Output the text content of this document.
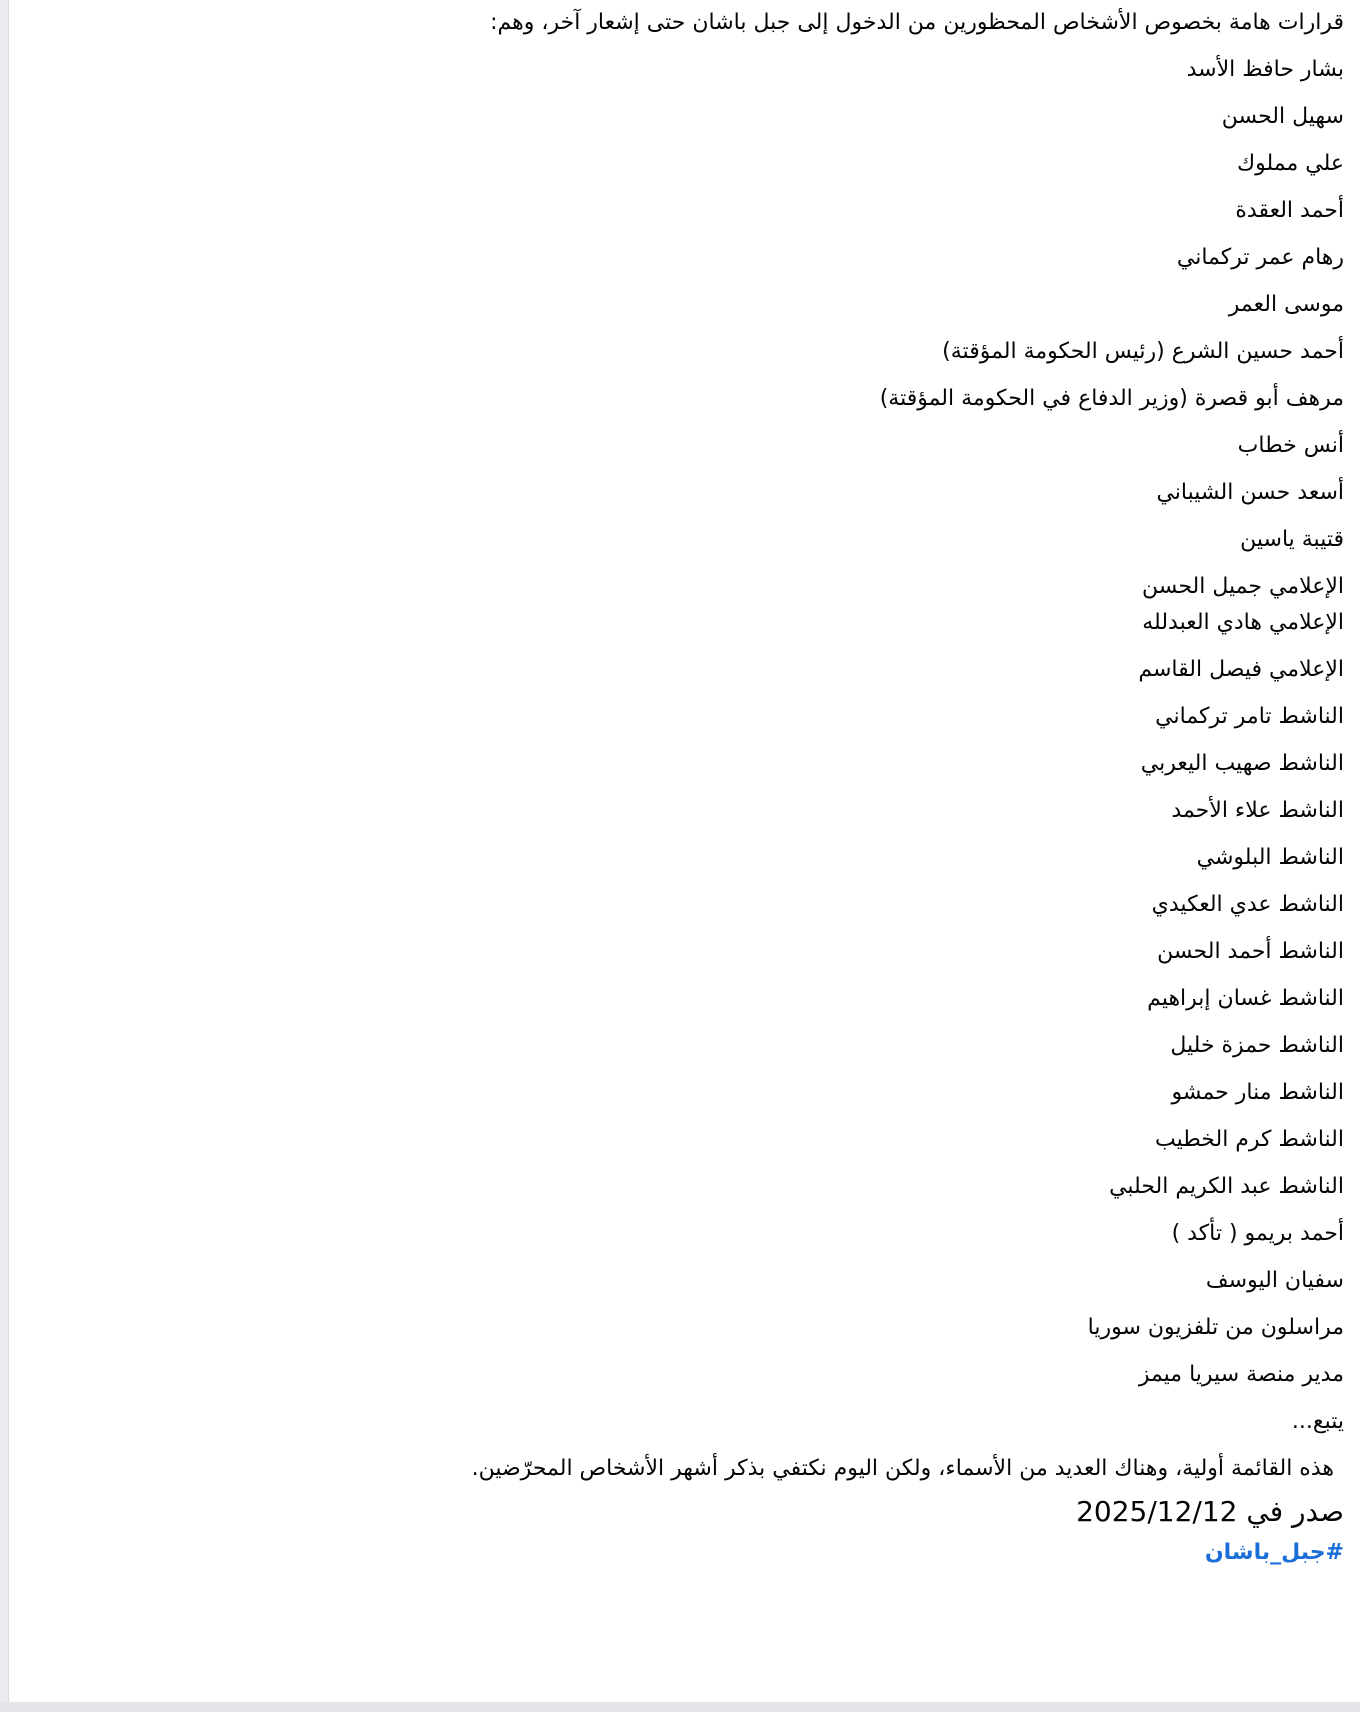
قرارات هامة بخصوص الأشخاص المحظورين من الدخول إلى جبل باشان حتى إشعار آخر، وهم:
بشار حافظ الأسد
سهيل الحسن
علي مملوك
أحمد العقدة
رهام عمر تركماني
موسى العمر
أحمد حسين الشرع (رئيس الحكومة المؤقتة)
مرهف أبو قصرة (وزير الدفاع في الحكومة المؤقتة)
أنس خطاب
أسعد حسن الشيباني
قتيبة ياسين
الإعلامي جميل الحسن
الإعلامي هادي العبدلله
الإعلامي فيصل القاسم
الناشط تامر تركماني
الناشط صهيب اليعربي
الناشط علاء الأحمد
الناشط البلوشي
الناشط عدي العكيدي
الناشط أحمد الحسن
الناشط غسان إبراهيم
الناشط حمزة خليل
الناشط منار حمشو
الناشط كرم الخطيب
الناشط عبد الكريم الحلبي
أحمد بريمو ( تأكد )
سفيان اليوسف
مراسلون من تلفزيون سوريا
مدير منصة سيريا ميمز
يتبع...
هذه القائمة أولية، وهناك العديد من الأسماء، ولكن اليوم نكتفي بذكر أشهر الأشخاص المحرّضين.
صدر في 2025/12/12
#جبل_باشان
